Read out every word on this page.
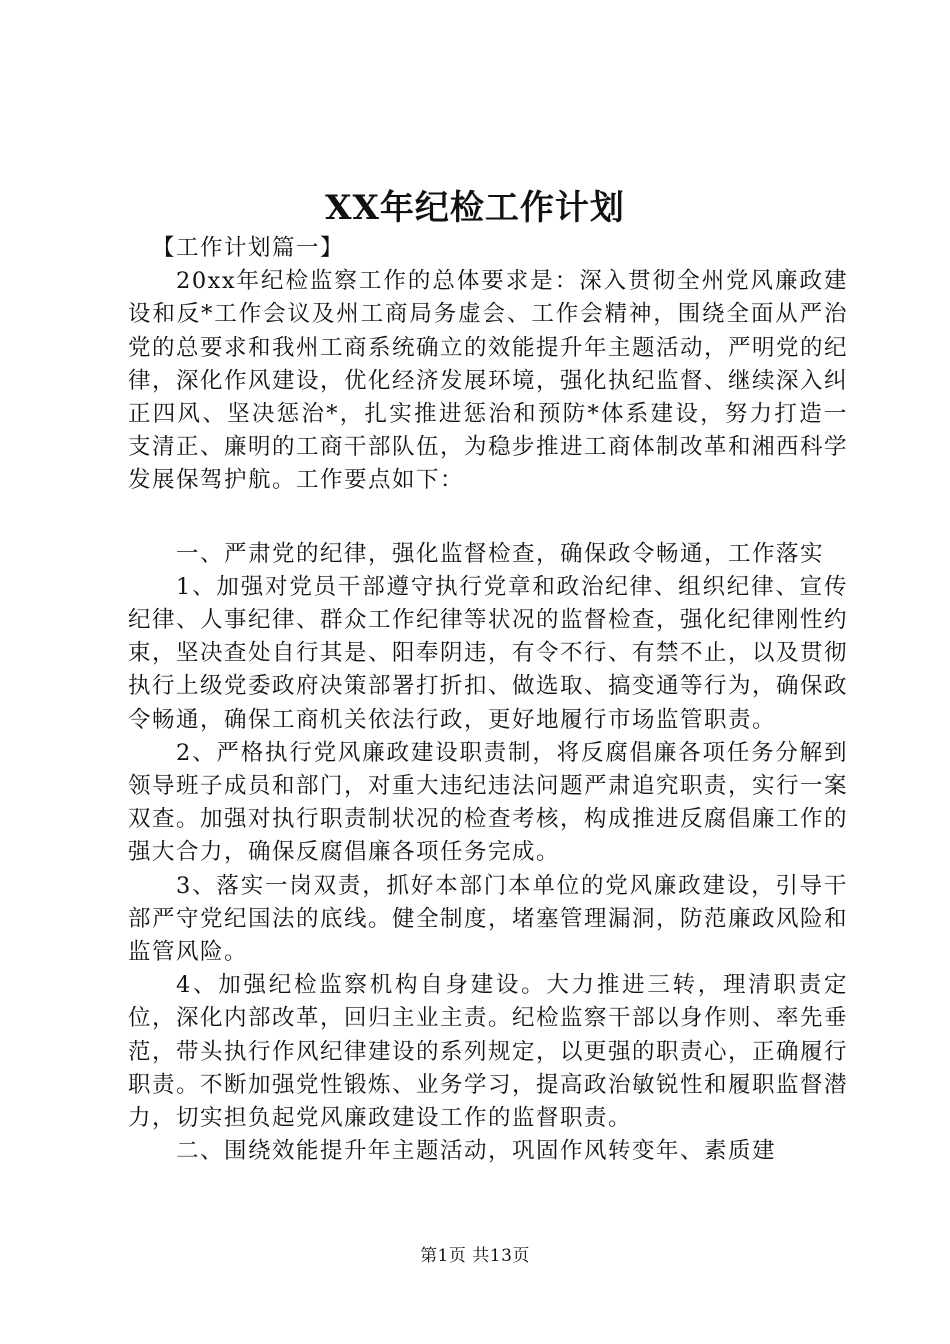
XX年纪检工作计划

【工作计划篇一】

20xx年纪检监察工作的总体要求是：深入贯彻全州党风廉政建设和反*工作会议及州工商局务虚会、工作会精神，围绕全面从严治党的总要求和我州工商系统确立的效能提升年主题活动，严明党的纪律，深化作风建设，优化经济发展环境，强化执纪监督、继续深入纠正四风、坚决惩治*，扎实推进惩治和预防*体系建设，努力打造一支清正、廉明的工商干部队伍，为稳步推进工商体制改革和湘西科学发展保驾护航。工作要点如下：

一、严肃党的纪律，强化监督检查，确保政令畅通，工作落实

1、加强对党员干部遵守执行党章和政治纪律、组织纪律、宣传纪律、人事纪律、群众工作纪律等状况的监督检查，强化纪律刚性约束，坚决查处自行其是、阳奉阴违，有令不行、有禁不止，以及贯彻执行上级党委政府决策部署打折扣、做选取、搞变通等行为，确保政令畅通，确保工商机关依法行政，更好地履行市场监管职责。

2、严格执行党风廉政建设职责制，将反腐倡廉各项任务分解到领导班子成员和部门，对重大违纪违法问题严肃追究职责，实行一案双查。加强对执行职责制状况的检查考核，构成推进反腐倡廉工作的强大合力，确保反腐倡廉各项任务完成。

3、落实一岗双责，抓好本部门本单位的党风廉政建设，引导干部严守党纪国法的底线。健全制度，堵塞管理漏洞，防范廉政风险和监管风险。

4、加强纪检监察机构自身建设。大力推进三转，理清职责定位，深化内部改革，回归主业主责。纪检监察干部以身作则、率先垂范，带头执行作风纪律建设的系列规定，以更强的职责心，正确履行职责。不断加强党性锻炼、业务学习，提高政治敏锐性和履职监督潜力，切实担负起党风廉政建设工作的监督职责。

二、围绕效能提升年主题活动，巩固作风转变年、素质建

第1页 共13页
